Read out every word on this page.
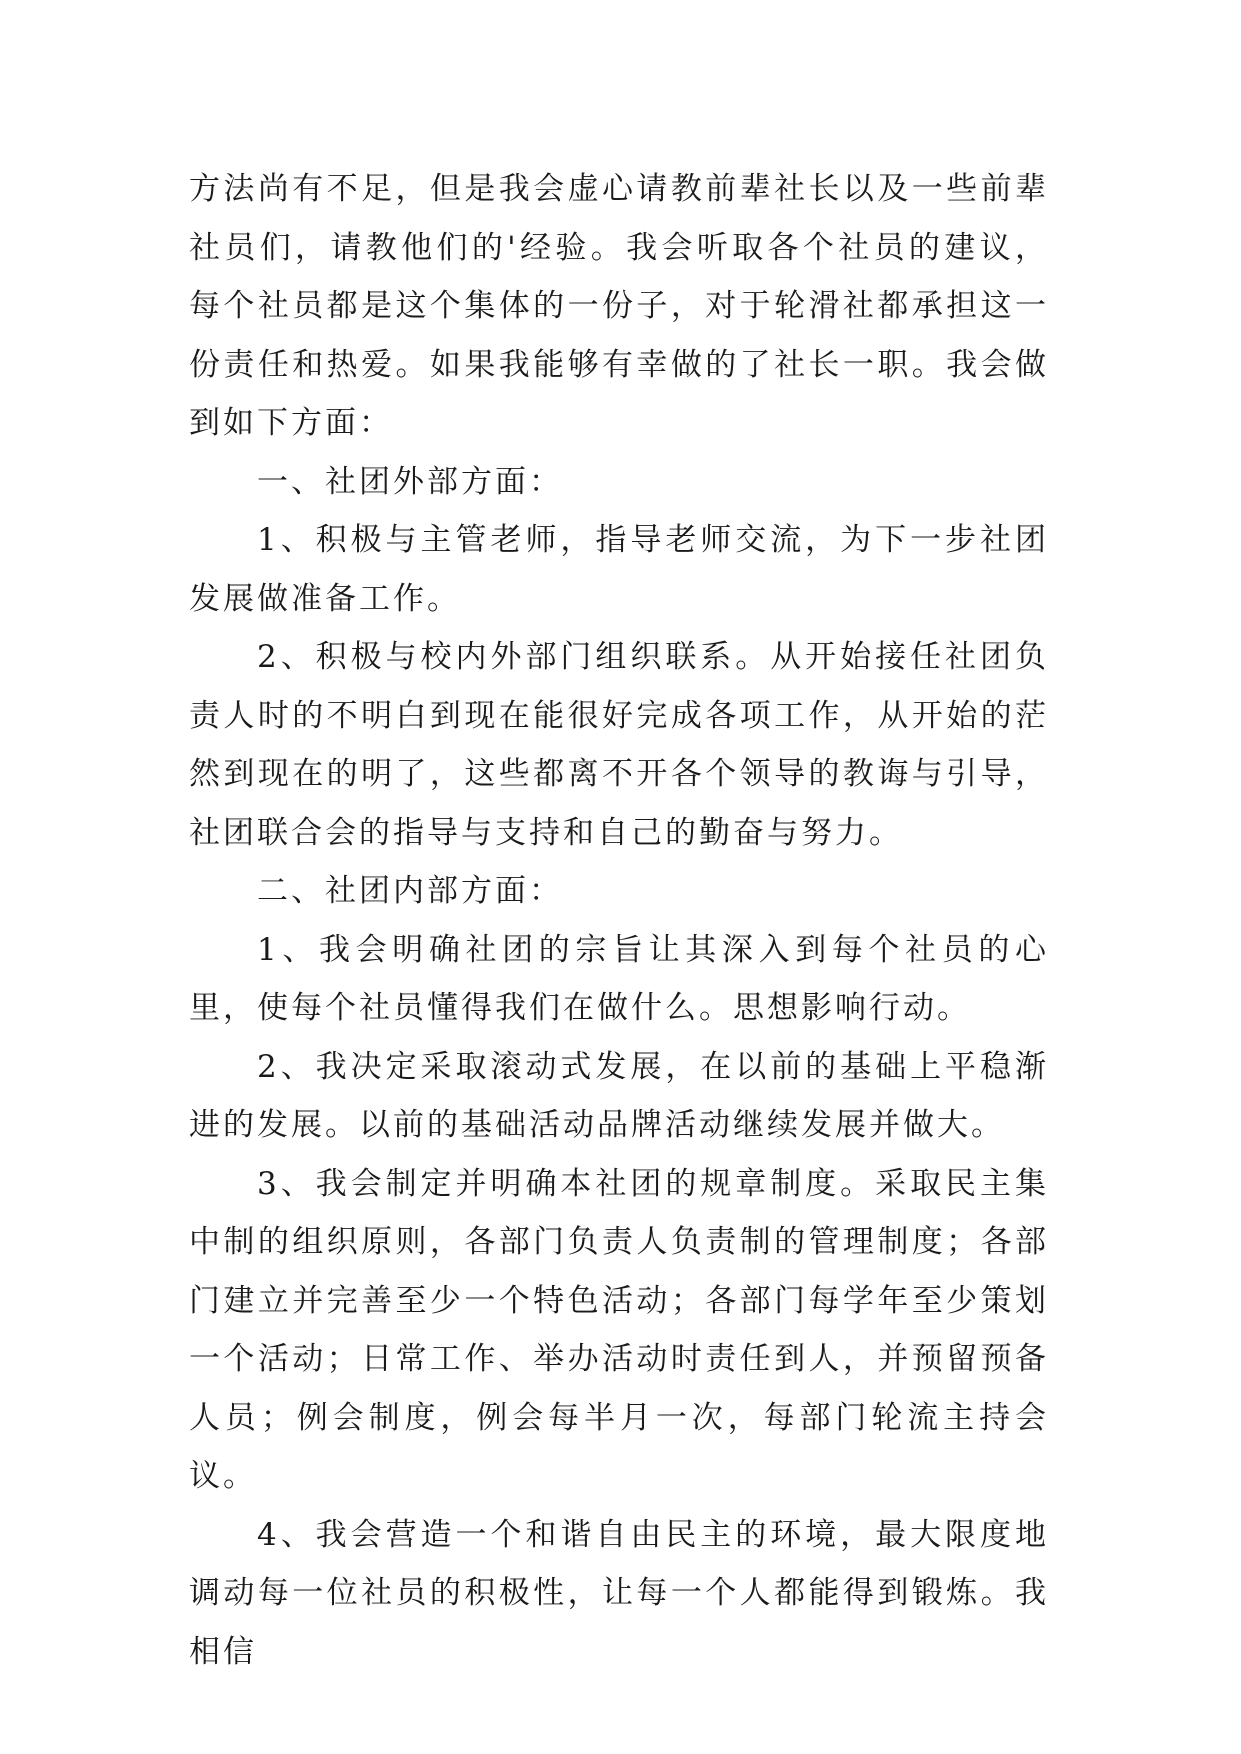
方法尚有不足，但是我会虚心请教前辈社长以及一些前辈社员们，请教他们的'经验。我会听取各个社员的建议，每个社员都是这个集体的一份子，对于轮滑社都承担这一份责任和热爱。如果我能够有幸做的了社长一职。我会做到如下方面：

一、社团外部方面：

1、积极与主管老师，指导老师交流，为下一步社团发展做准备工作。

2、积极与校内外部门组织联系。从开始接任社团负责人时的不明白到现在能很好完成各项工作，从开始的茫然到现在的明了，这些都离不开各个领导的教诲与引导，社团联合会的指导与支持和自己的勤奋与努力。

二、社团内部方面：

1、我会明确社团的宗旨让其深入到每个社员的心里，使每个社员懂得我们在做什么。思想影响行动。

2、我决定采取滚动式发展，在以前的基础上平稳渐进的发展。以前的基础活动品牌活动继续发展并做大。

3、我会制定并明确本社团的规章制度。采取民主集中制的组织原则，各部门负责人负责制的管理制度；各部门建立并完善至少一个特色活动；各部门每学年至少策划一个活动；日常工作、举办活动时责任到人，并预留预备人员；例会制度，例会每半月一次，每部门轮流主持会议。

4、我会营造一个和谐自由民主的环境，最大限度地调动每一位社员的积极性，让每一个人都能得到锻炼。我相信
